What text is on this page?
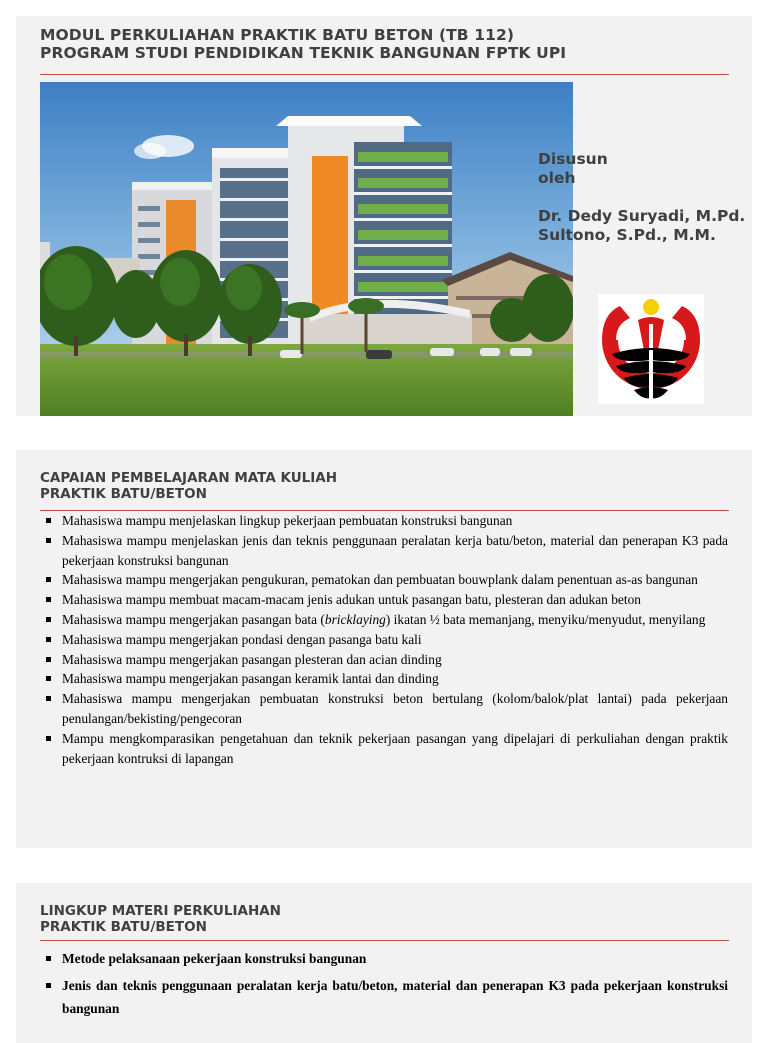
MODUL PERKULIAHAN PRAKTIK BATU BETON (TB 112)
PROGRAM STUDI PENDIDIKAN TEKNIK BANGUNAN FPTK UPI
Disusun
oleh
Dr. Dedy Suryadi, M.Pd.
Sultono, S.Pd., M.M.
CAPAIAN PEMBELAJARAN MATA KULIAH
PRAKTIK BATU/BETON
Mahasiswa mampu menjelaskan lingkup pekerjaan pembuatan konstruksi bangunan
Mahasiswa mampu menjelaskan jenis dan teknis penggunaan peralatan kerja batu/beton, material dan penerapan K3 pada pekerjaan konstruksi bangunan
Mahasiswa mampu mengerjakan pengukuran, pematokan dan pembuatan bouwplank dalam penentuan as-as bangunan
Mahasiswa mampu membuat macam-macam jenis adukan untuk pasangan batu, plesteran dan adukan beton
Mahasiswa mampu mengerjakan pasangan bata (bricklaying) ikatan ½ bata memanjang, menyiku/menyudut, menyilang
Mahasiswa mampu mengerjakan pondasi dengan pasanga batu kali
Mahasiswa mampu mengerjakan pasangan plesteran dan acian dinding
Mahasiswa mampu mengerjakan pasangan keramik lantai dan dinding
Mahasiswa mampu mengerjakan pembuatan konstruksi beton bertulang (kolom/balok/plat lantai) pada pekerjaan penulangan/bekisting/pengecoran
Mampu mengkomparasikan pengetahuan dan teknik pekerjaan pasangan yang dipelajari di perkuliahan dengan praktik pekerjaan kontruksi di lapangan
LINGKUP MATERI PERKULIAHAN
PRAKTIK BATU/BETON
Metode pelaksanaan pekerjaan konstruksi bangunan
Jenis dan teknis penggunaan peralatan kerja batu/beton, material dan penerapan K3 pada pekerjaan konstruksi bangunan
